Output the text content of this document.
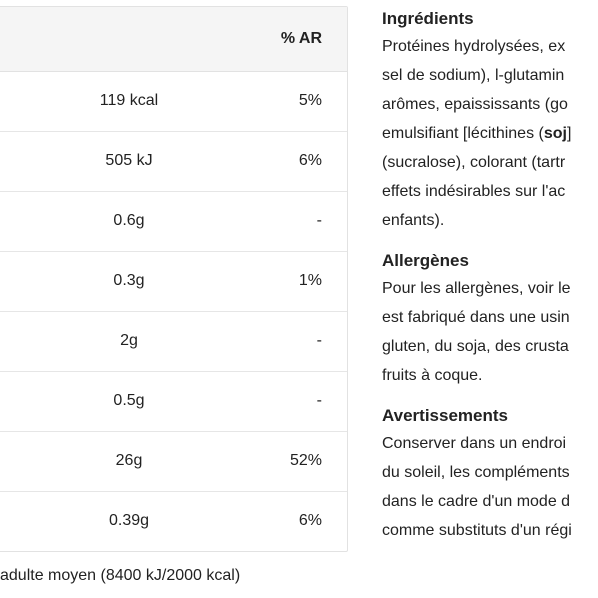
% AR
119 kcal	5%
505 kJ	6%
0.6g	-
0.3g	1%
2g	-
0.5g	-
26g	52%
0.39g	6%
adulte moyen (8400 kJ/2000 kcal)

Ingrédients

Protéines hydrolysées, ex

sel de sodium), l-glutamin

arômes, epaississants (go

emulsifiant [lécithines (soj]

(sucralose), colorant (tartr

effets indésirables sur l'ac

enfants).

Allergènes

Pour les allergènes, voir le

est fabriqué dans une usin

gluten, du soja, des crusta

fruits à coque.

Avertissements

Conserver dans un endroi

du soleil, les compléments

dans le cadre d'un mode d

comme substituts d'un régi
